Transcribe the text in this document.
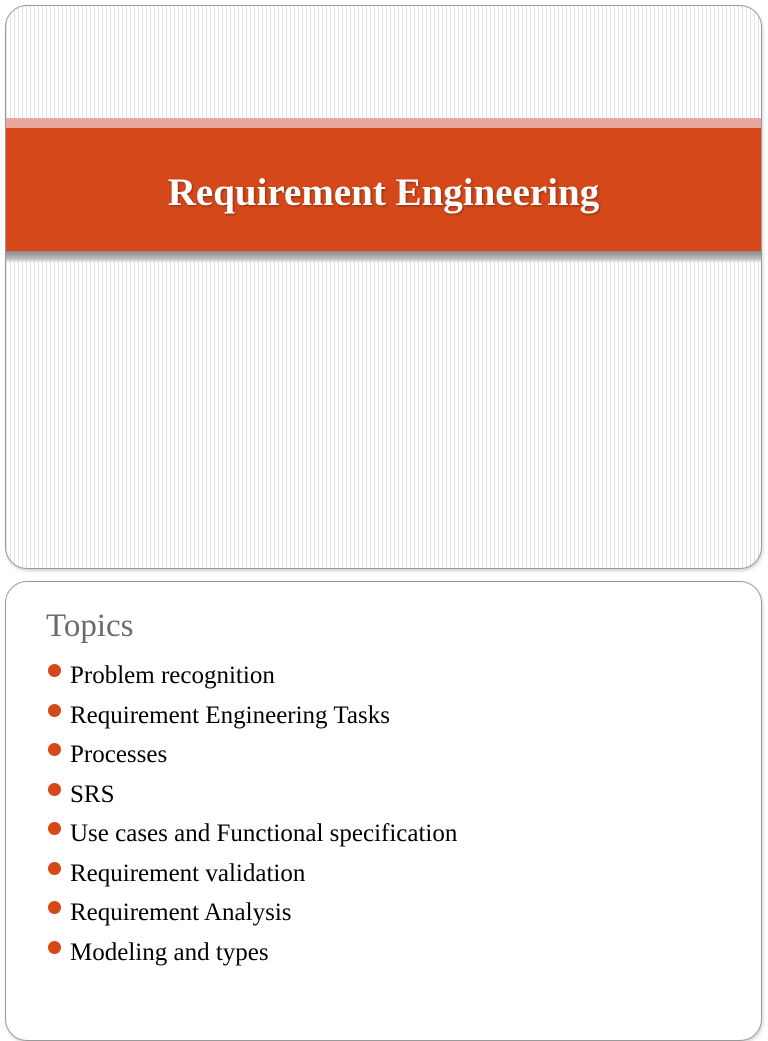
Requirement Engineering
Topics
Problem recognition
Requirement Engineering Tasks
Processes
SRS
Use cases and Functional specification
Requirement validation
Requirement Analysis
Modeling and types
